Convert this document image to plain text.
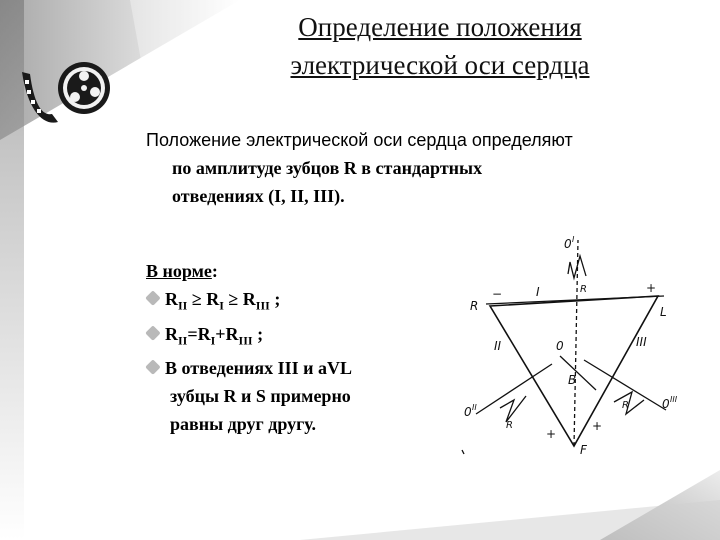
Определение положения
электрической оси сердца
Положение электрической оси сердца определяют
по амплитуде зубцов R в стандартных
отведениях (I, II, III).
В норме:
$R_{II} \ge R_I \ge R_{III}$ ;
$R_{II}=R_I+R_{III}$ ;
В отведениях III и aVL
зубцы R и S примерно
равны друг другу.
0 I
R
−	I	+
L
II	0	III
B
0 II	0 III
+
+
F
R
R
R
